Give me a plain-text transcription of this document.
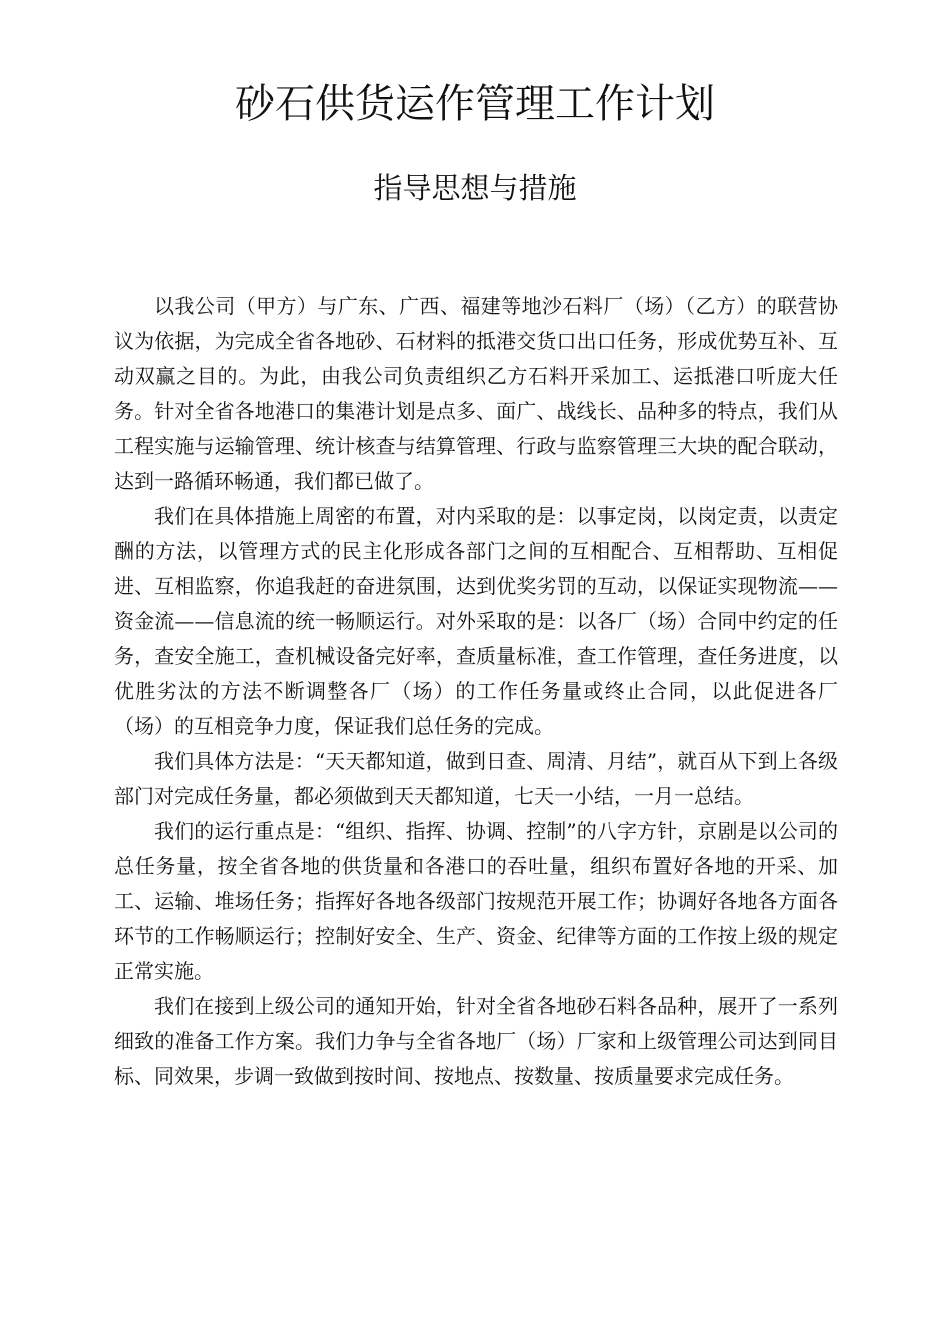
砂石供货运作管理工作计划
指导思想与措施

以我公司（甲方）与广东、广西、福建等地沙石料厂（场）（乙方）的联营协议为依据，为完成全省各地砂、石材料的抵港交货口出口任务，形成优势互补、互动双赢之目的。为此，由我公司负责组织乙方石料开采加工、运抵港口听庞大任务。针对全省各地港口的集港计划是点多、面广、战线长、品种多的特点，我们从工程实施与运输管理、统计核查与结算管理、行政与监察管理三大块的配合联动，达到一路循环畅通，我们都已做了。

我们在具体措施上周密的布置，对内采取的是：以事定岗，以岗定责，以责定酬的方法，以管理方式的民主化形成各部门之间的互相配合、互相帮助、互相促进、互相监察，你追我赶的奋进氛围，达到优奖劣罚的互动，以保证实现物流——资金流——信息流的统一畅顺运行。对外采取的是：以各厂（场）合同中约定的任务，查安全施工，查机械设备完好率，查质量标准，查工作管理，查任务进度，以优胜劣汰的方法不断调整各厂（场）的工作任务量或终止合同，以此促进各厂（场）的互相竞争力度，保证我们总任务的完成。

我们具体方法是：“天天都知道，做到日查、周清、月结”，就百从下到上各级部门对完成任务量，都必须做到天天都知道，七天一小结，一月一总结。

我们的运行重点是：“组织、指挥、协调、控制”的八字方针，京剧是以公司的总任务量，按全省各地的供货量和各港口的吞吐量，组织布置好各地的开采、加工、运输、堆场任务；指挥好各地各级部门按规范开展工作；协调好各地各方面各环节的工作畅顺运行；控制好安全、生产、资金、纪律等方面的工作按上级的规定正常实施。

我们在接到上级公司的通知开始，针对全省各地砂石料各品种，展开了一系列细致的准备工作方案。我们力争与全省各地厂（场）厂家和上级管理公司达到同目标、同效果，步调一致做到按时间、按地点、按数量、按质量要求完成任务。
